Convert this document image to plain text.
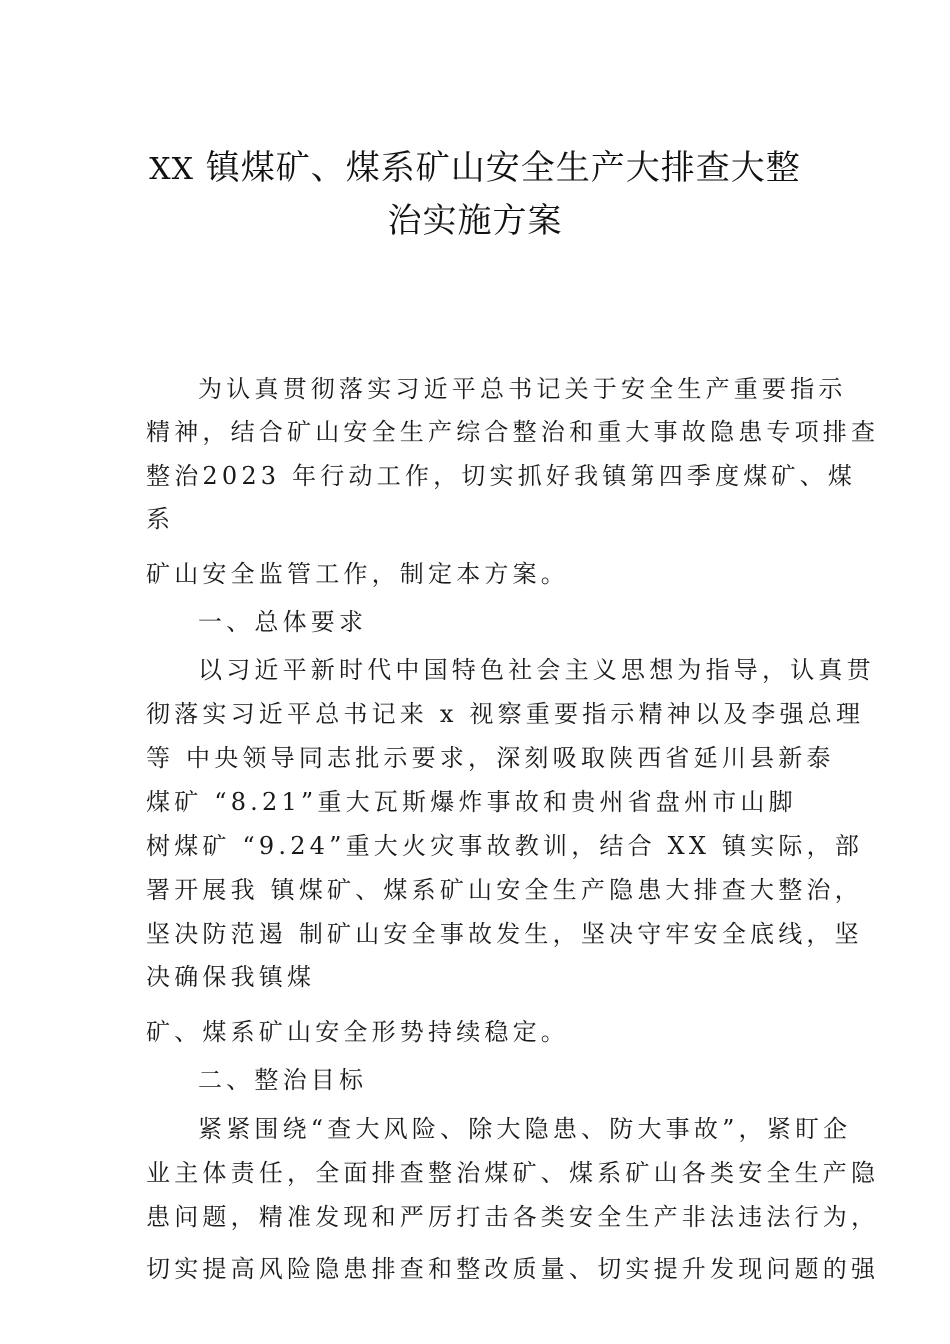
XX 镇煤矿、煤系矿山安全生产大排查大整
治实施方案
为认真贯彻落实习近平总书记关于安全生产重要指示
精神，结合矿山安全生产综合整治和重大事故隐患专项排查
整治2023 年行动工作，切实抓好我镇第四季度煤矿、煤
系
矿山安全监管工作，制定本方案。
一、总体要求
以习近平新时代中国特色社会主义思想为指导，认真贯
彻落实习近平总书记来 x 视察重要指示精神以及李强总理
等 中央领导同志批示要求，深刻吸取陕西省延川县新泰
煤矿 “8.21”重大瓦斯爆炸事故和贵州省盘州市山脚
树煤矿 “9.24”重大火灾事故教训，结合 XX 镇实际，部
署开展我 镇煤矿、煤系矿山安全生产隐患大排查大整治，
坚决防范遏 制矿山安全事故发生，坚决守牢安全底线，坚
决确保我镇煤
矿、煤系矿山安全形势持续稳定。
二、整治目标
紧紧围绕“查大风险、除大隐患、防大事故”，紧盯企
业主体责任，全面排查整治煤矿、煤系矿山各类安全生产隐
患问题，精准发现和严厉打击各类安全生产非法违法行为，
切实提高风险隐患排查和整改质量、切实提升发现问题的强
